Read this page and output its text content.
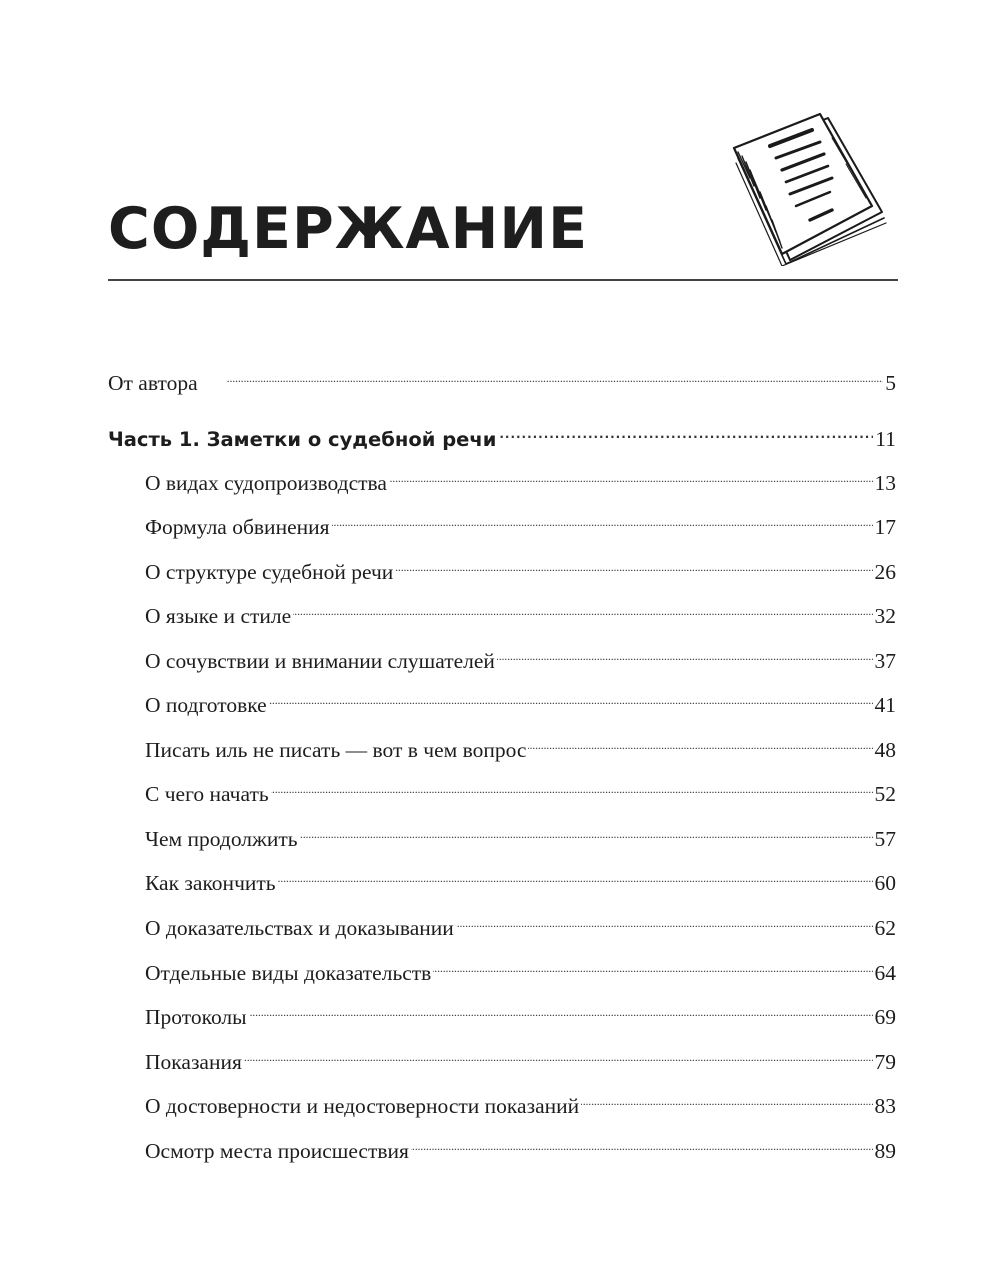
СОДЕРЖАНИЕ
От автора . . .	5
Часть 1. Заметки о судебной речи . . .	11
О видах судопроизводства . . .	13
Формула обвинения . . .	17
О структуре судебной речи . . .	26
О языке и стиле . . .	32
О сочувствии и внимании слушателей . . .	37
О подготовке . . .	41
Писать иль не писать — вот в чем вопрос . . .	48
С чего начать . . .	52
Чем продолжить . . .	57
Как закончить . . .	60
О доказательствах и доказывании . . .	62
Отдельные виды доказательств . . .	64
Протоколы . . .	69
Показания . . .	79
О достоверности и недостоверности показаний . . .	83
Осмотр места происшествия . . .	89
